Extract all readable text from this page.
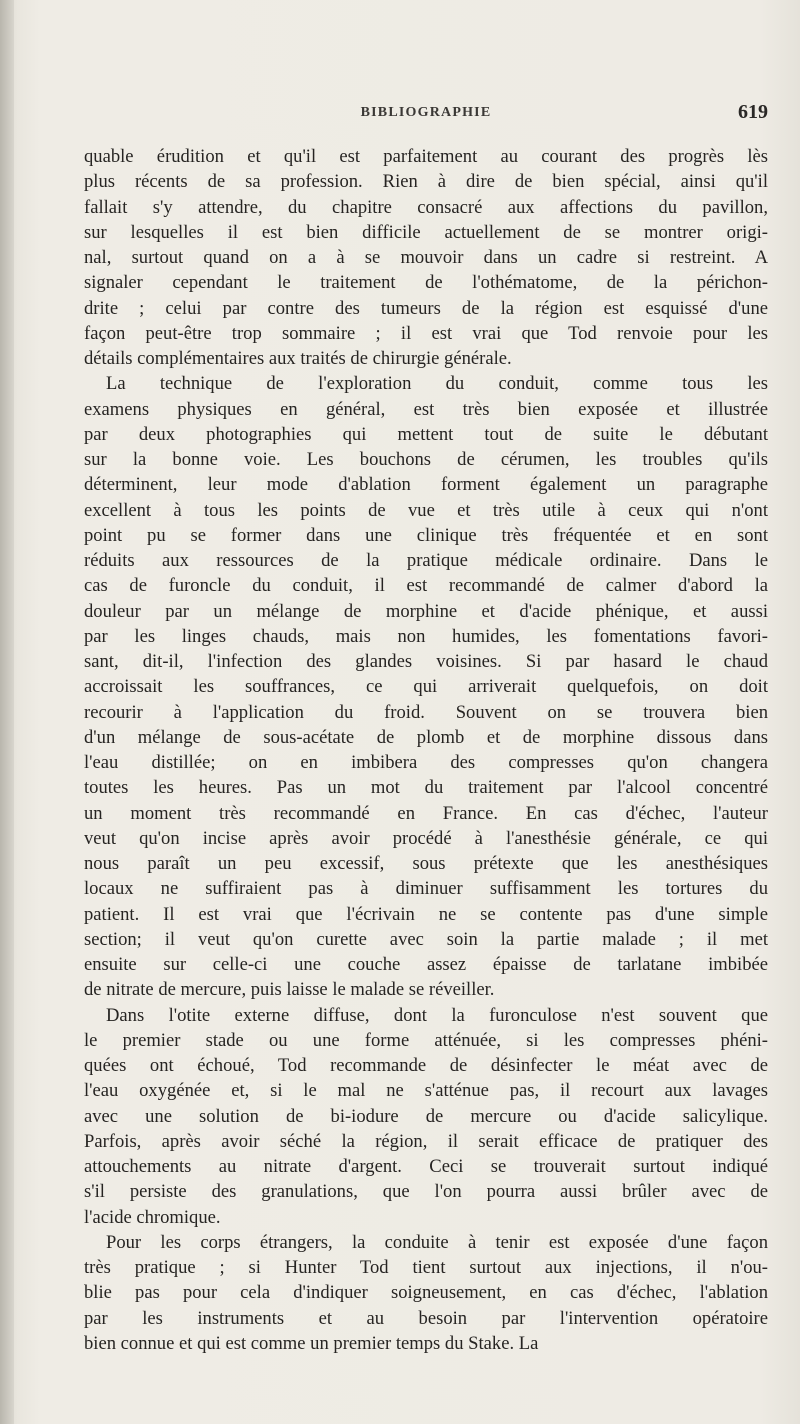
BIBLIOGRAPHIE	619
quable érudition et qu'il est parfaitement au courant des progrès lès
plus récents de sa profession. Rien à dire de bien spécial, ainsi qu'il
fallait s'y attendre, du chapitre consacré aux affections du pavillon,
sur lesquelles il est bien difficile actuellement de se montrer origi-
nal, surtout quand on a à se mouvoir dans un cadre si restreint. A
signaler cependant le traitement de l'othématome, de la périchon-
drite ; celui par contre des tumeurs de la région est esquissé d'une
façon peut-être trop sommaire ; il est vrai que Tod renvoie pour les
détails complémentaires aux traités de chirurgie générale.
La technique de l'exploration du conduit, comme tous les
examens physiques en général, est très bien exposée et illustrée
par deux photographies qui mettent tout de suite le débutant
sur la bonne voie. Les bouchons de cérumen, les troubles qu'ils
déterminent, leur mode d'ablation forment également un paragraphe
excellent à tous les points de vue et très utile à ceux qui n'ont
point pu se former dans une clinique très fréquentée et en sont
réduits aux ressources de la pratique médicale ordinaire. Dans le
cas de furoncle du conduit, il est recommandé de calmer d'abord la
douleur par un mélange de morphine et d'acide phénique, et aussi
par les linges chauds, mais non humides, les fomentations favori-
sant, dit-il, l'infection des glandes voisines. Si par hasard le chaud
accroissait les souffrances, ce qui arriverait quelquefois, on doit
recourir à l'application du froid. Souvent on se trouvera bien
d'un mélange de sous-acétate de plomb et de morphine dissous dans
l'eau distillée; on en imbibera des compresses qu'on changera
toutes les heures. Pas un mot du traitement par l'alcool concentré
un moment très recommandé en France. En cas d'échec, l'auteur
veut qu'on incise après avoir procédé à l'anesthésie générale, ce qui
nous paraît un peu excessif, sous prétexte que les anesthésiques
locaux ne suffiraient pas à diminuer suffisamment les tortures du
patient. Il est vrai que l'écrivain ne se contente pas d'une simple
section; il veut qu'on curette avec soin la partie malade ; il met
ensuite sur celle-ci une couche assez épaisse de tarlatane imbibée
de nitrate de mercure, puis laisse le malade se réveiller.
Dans l'otite externe diffuse, dont la furonculose n'est souvent que
le premier stade ou une forme atténuée, si les compresses phéni-
quées ont échoué, Tod recommande de désinfecter le méat avec de
l'eau oxygénée et, si le mal ne s'atténue pas, il recourt aux lavages
avec une solution de bi-iodure de mercure ou d'acide salicylique.
Parfois, après avoir séché la région, il serait efficace de pratiquer des
attouchements au nitrate d'argent. Ceci se trouverait surtout indiqué
s'il persiste des granulations, que l'on pourra aussi brûler avec de
l'acide chromique.
Pour les corps étrangers, la conduite à tenir est exposée d'une façon
très pratique ; si Hunter Tod tient surtout aux injections, il n'ou-
blie pas pour cela d'indiquer soigneusement, en cas d'échec, l'ablation
par les instruments et au besoin par l'intervention opératoire
bien connue et qui est comme un premier temps du Stake. La
